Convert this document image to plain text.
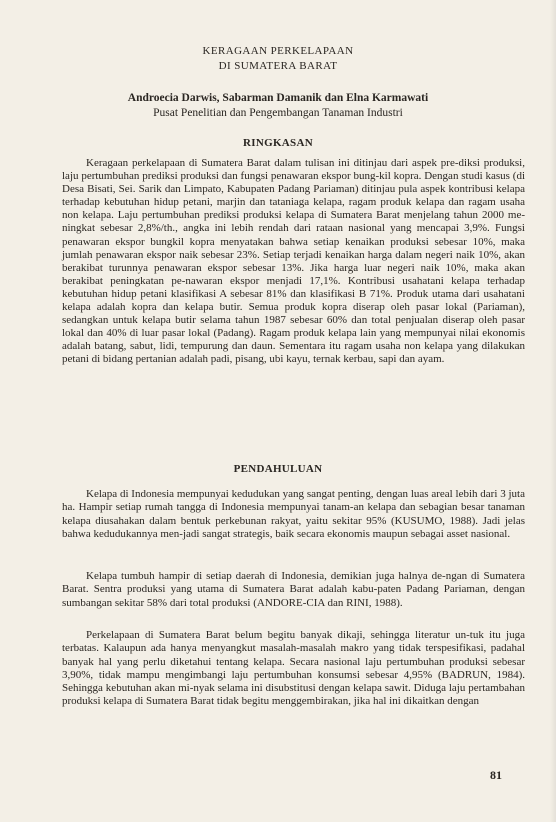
KERAGAAN PERKELAPAAN
DI SUMATERA BARAT
Androecia Darwis, Sabarman Damanik dan Elna Karmawati
Pusat Penelitian dan Pengembangan Tanaman Industri
RINGKASAN

Keragaan perkelapaan di Sumatera Barat dalam tulisan ini ditinjau dari aspek pre-diksi produksi, laju pertumbuhan prediksi produksi dan fungsi penawaran ekspor bung-kil kopra. Dengan studi kasus (di Desa Bisati, Sei. Sarik dan Limpato, Kabupaten Padang Pariaman) ditinjau pula aspek kontribusi kelapa terhadap kebutuhan hidup petani, marjin dan tataniaga kelapa, ragam produk kelapa dan ragam usaha non kelapa. Laju pertumbuhan prediksi produksi kelapa di Sumatera Barat menjelang tahun 2000 me-ningkat sebesar 2,8%/th., angka ini lebih rendah dari rataan nasional yang mencapai 3,9%. Fungsi penawaran ekspor bungkil kopra menyatakan bahwa setiap kenaikan produksi sebesar 10%, maka jumlah penawaran ekspor naik sebesar 23%. Setiap terjadi kenaikan harga dalam negeri naik 10%, akan berakibat turunnya penawaran ekspor sebesar 13%. Jika harga luar negeri naik 10%, maka akan berakibat peningkatan pe-nawaran ekspor menjadi 17,1%. Kontribusi usahatani kelapa terhadap kebutuhan hidup petani klasifikasi A sebesar 81% dan klasifikasi B 71%. Produk utama dari usahatani kelapa adalah kopra dan kelapa butir. Semua produk kopra diserap oleh pasar lokal (Pariaman), sedangkan untuk kelapa butir selama tahun 1987 sebesar 60% dan total penjualan diserap oleh pasar lokal dan 40% di luar pasar lokal (Padang). Ragam produk kelapa lain yang mempunyai nilai ekonomis adalah batang, sabut, lidi, tempurung dan daun. Sementara itu ragam usaha non kelapa yang dilakukan petani di bidang pertanian adalah padi, pisang, ubi kayu, ternak kerbau, sapi dan ayam.

PENDAHULUAN

Kelapa di Indonesia mempunyai kedudukan yang sangat penting, dengan luas areal lebih dari 3 juta ha. Hampir setiap rumah tangga di Indonesia mempunyai tanam-an kelapa dan sebagian besar tanaman kelapa diusahakan dalam bentuk perkebunan rakyat, yaitu sekitar 95% (KUSUMO, 1988). Jadi jelas bahwa kedudukannya men-jadi sangat strategis, baik secara ekonomis maupun sebagai asset nasional.

Kelapa tumbuh hampir di setiap daerah di Indonesia, demikian juga halnya de-ngan di Sumatera Barat. Sentra produksi yang utama di Sumatera Barat adalah kabu-paten Padang Pariaman, dengan sumbangan sekitar 58% dari total produksi (ANDORE-CIA dan RINI, 1988).

Perkelapaan di Sumatera Barat belum begitu banyak dikaji, sehingga literatur un-tuk itu juga terbatas. Kalaupun ada hanya menyangkut masalah-masalah makro yang tidak terspesifikasi, padahal banyak hal yang perlu diketahui tentang kelapa. Secara nasional laju pertumbuhan produksi sebesar 3,90%, tidak mampu mengimbangi laju pertumbuhan konsumsi sebesar 4,95% (BADRUN, 1984). Sehingga kebutuhan akan mi-nyak selama ini disubstitusi dengan kelapa sawit. Diduga laju pertambahan produksi kelapa di Sumatera Barat tidak begitu menggembirakan, jika hal ini dikaitkan dengan

81
